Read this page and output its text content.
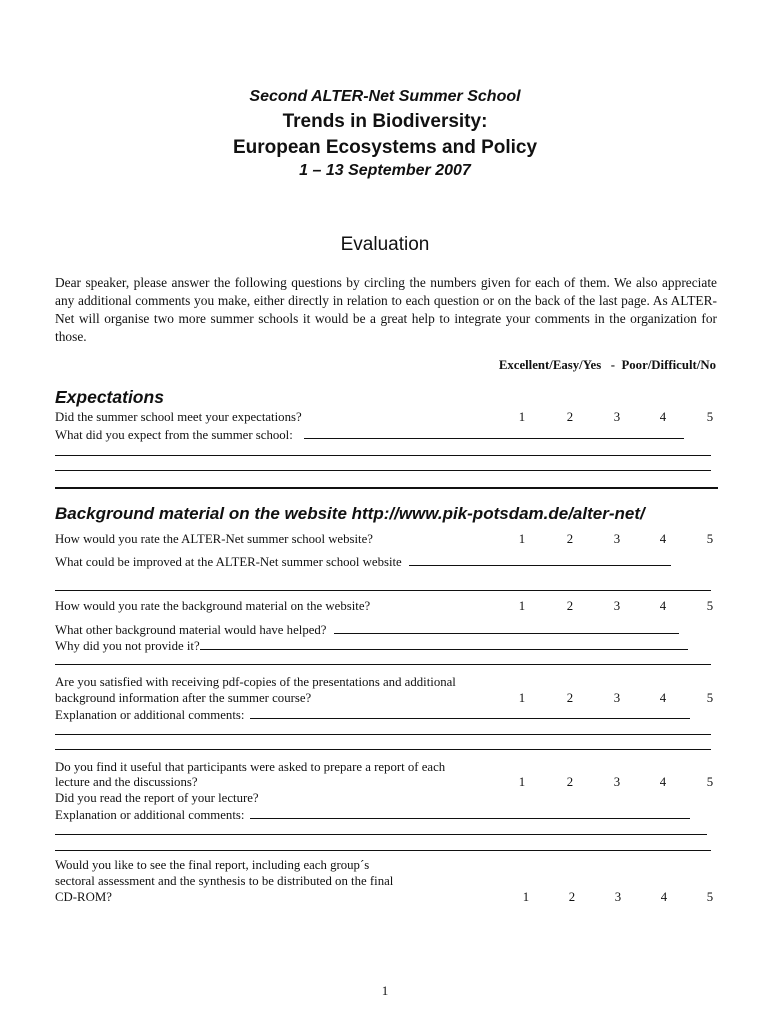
Second ALTER-Net Summer School
Trends in Biodiversity:
European Ecosystems and Policy
1 – 13 September 2007
Evaluation
Dear speaker, please answer the following questions by circling the numbers given for each of them. We also appreciate any additional comments you make, either directly in relation to each question or on the back of the last page. As ALTER-Net will organise two more summer schools it would be a great help to integrate your comments in the organization for those.
Excellent/Easy/Yes   -  Poor/Difficult/No
Expectations
Did the summer school meet your expectations?	1	2	3	4	5
What did you expect from the summer school:
Background material on the website http://www.pik-potsdam.de/alter-net/
How would you rate the ALTER-Net summer school website?	1	2	3	4	5
What could be improved at the ALTER-Net summer school website
How would you rate the background material on the website?	1	2	3	4	5
What other background material would have helped?
Why did you not provide it?
Are you satisfied with receiving pdf-copies of the presentations and additional
background information after the summer course?	1	2	3	4	5
Explanation or additional comments:
Do you find it useful that participants were asked to prepare a report of each
lecture and the discussions?	1	2	3	4	5
Did you read the report of your lecture?
Explanation or additional comments:
Would you like to see the final report, including each group´s
sectoral assessment and the synthesis to be distributed on the final
CD-ROM?	1	2	3	4	5
1
